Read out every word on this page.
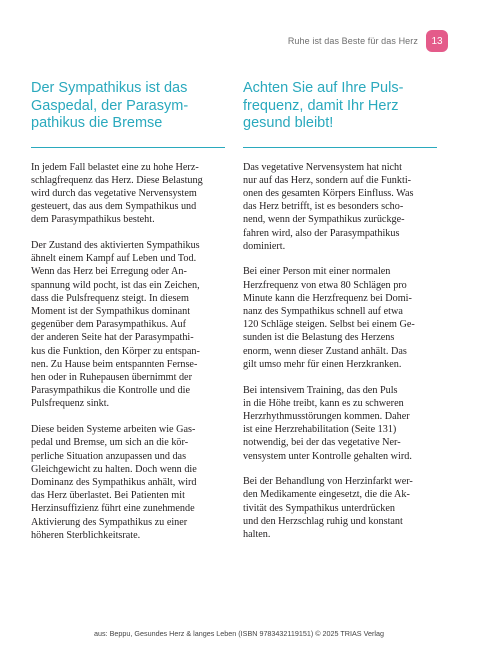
Ruhe ist das Beste für das Herz	13
Der Sympathikus ist das
Gaspedal, der Parasym-
pathikus die Bremse

In jedem Fall belastet eine zu hohe Herz-
schlagfrequenz das Herz. Diese Belastung
wird durch das vegetative Nervensystem
gesteuert, das aus dem Sympathikus und
dem Parasympathikus besteht.

Der Zustand des aktivierten Sympathikus
ähnelt einem Kampf auf Leben und Tod.
Wenn das Herz bei Erregung oder An-
spannung wild pocht, ist das ein Zeichen,
dass die Pulsfrequenz steigt. In diesem
Moment ist der Sympathikus dominant
gegenüber dem Parasympathikus. Auf
der anderen Seite hat der Parasympathi-
kus die Funktion, den Körper zu entspan-
nen. Zu Hause beim entspannten Fernse-
hen oder in Ruhepausen übernimmt der
Parasympathikus die Kontrolle und die
Pulsfrequenz sinkt.

Diese beiden Systeme arbeiten wie Gas-
pedal und Bremse, um sich an die kör-
perliche Situation anzupassen und das
Gleichgewicht zu halten. Doch wenn die
Dominanz des Sympathikus anhält, wird
das Herz überlastet. Bei Patienten mit
Herzinsuffizienz führt eine zunehmende
Aktivierung des Sympathikus zu einer
höheren Sterblichkeitsrate.

Achten Sie auf Ihre Puls-
frequenz, damit Ihr Herz
gesund bleibt!

Das vegetative Nervensystem hat nicht
nur auf das Herz, sondern auf die Funkti-
onen des gesamten Körpers Einfluss. Was
das Herz betrifft, ist es besonders scho-
nend, wenn der Sympathikus zurückge-
fahren wird, also der Parasympathikus
dominiert.

Bei einer Person mit einer normalen
Herzfrequenz von etwa 80 Schlägen pro
Minute kann die Herzfrequenz bei Domi-
nanz des Sympathikus schnell auf etwa
120 Schläge steigen. Selbst bei einem Ge-
sunden ist die Belastung des Herzens
enorm, wenn dieser Zustand anhält. Das
gilt umso mehr für einen Herzkranken.

Bei intensivem Training, das den Puls
in die Höhe treibt, kann es zu schweren
Herzrhythmusstörungen kommen. Daher
ist eine Herzrehabilitation (Seite 131)
notwendig, bei der das vegetative Ner-
vensystem unter Kontrolle gehalten wird.

Bei der Behandlung von Herzinfarkt wer-
den Medikamente eingesetzt, die die Ak-
tivität des Sympathikus unterdrücken
und den Herzschlag ruhig und konstant
halten.

aus: Beppu, Gesundes Herz & langes Leben (ISBN 9783432119151) © 2025 TRIAS Verlag
